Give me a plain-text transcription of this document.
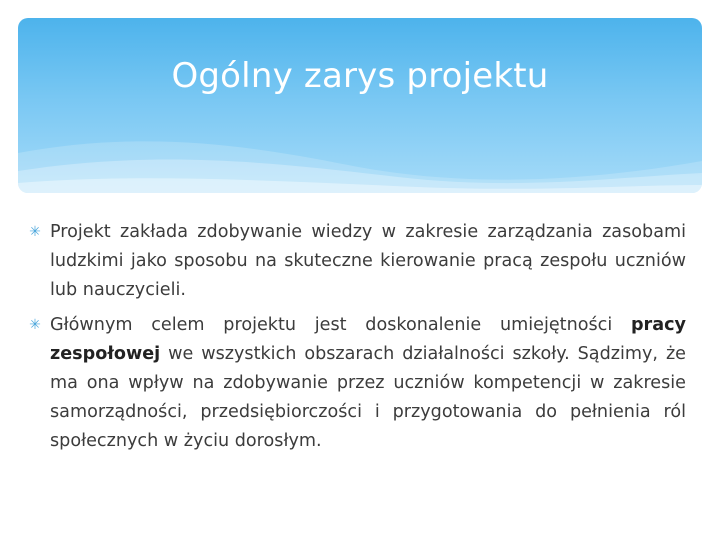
Ogólny zarys projektu
✳ Projekt zakłada zdobywanie wiedzy w zakresie zarządzania zasobami ludzkimi jako sposobu na skuteczne kierowanie pracą zespołu uczniów lub nauczycieli.
✳ Głównym celem projektu jest doskonalenie umiejętności pracy zespołowej we wszystkich obszarach działalności szkoły. Sądzimy, że ma ona wpływ na zdobywanie przez uczniów kompetencji w zakresie samorządności, przedsiębiorczości i przygotowania do pełnienia ról społecznych w życiu dorosłym.
